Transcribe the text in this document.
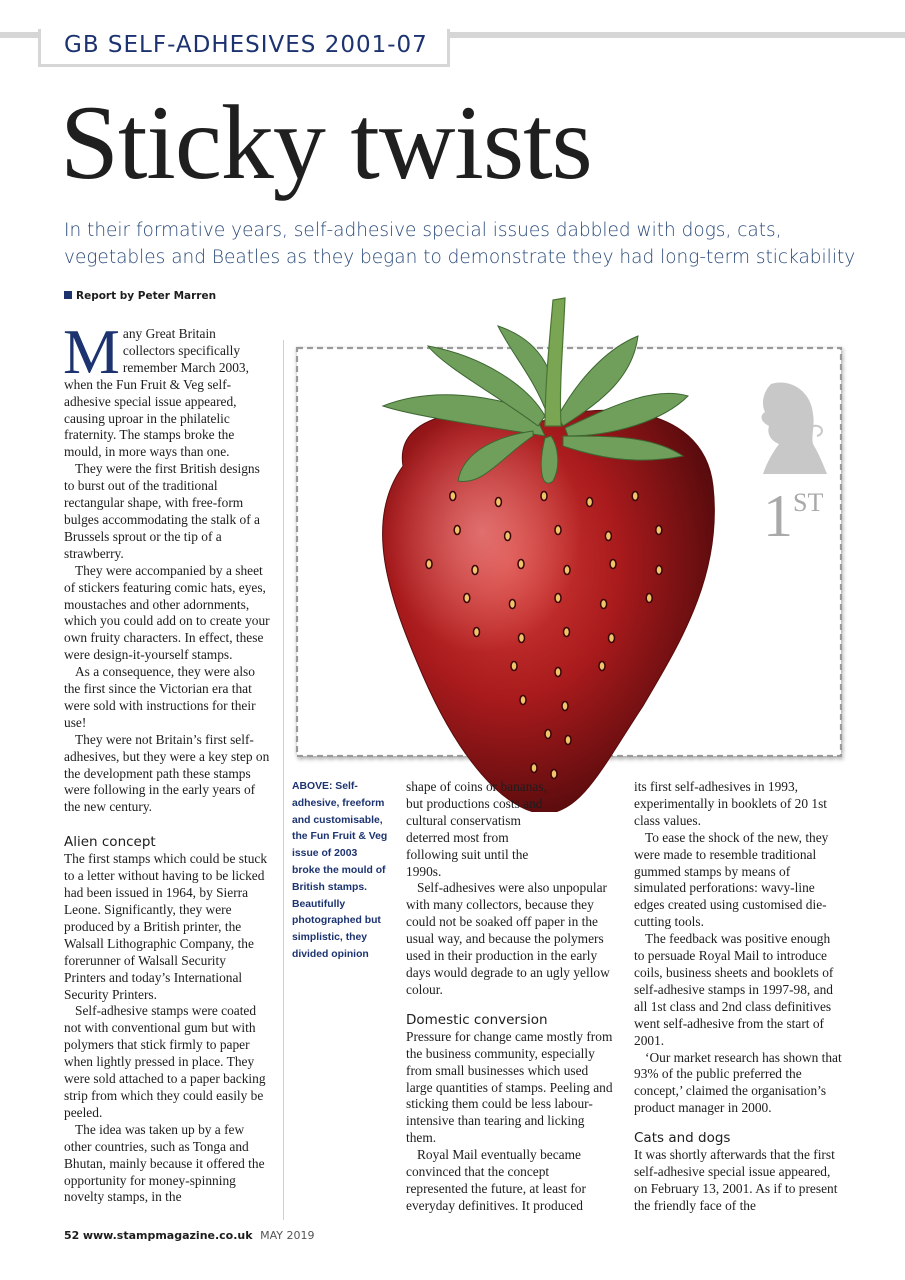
GB SELF-ADHESIVES 2001-07
Sticky twists

In their formative years, self-adhesive special issues dabbled with dogs, cats, vegetables and Beatles as they began to demonstrate they had long-term stickability

Report by Peter Marren
1ST

Many Great Britain collectors specifically remember March 2003, when the Fun Fruit & Veg self-adhesive special issue appeared, causing uproar in the philatelic fraternity. The stamps broke the mould, in more ways than one.

They were the first British designs to burst out of the traditional rectangular shape, with free-form bulges accommodating the stalk of a Brussels sprout or the tip of a strawberry.

They were accompanied by a sheet of stickers featuring comic hats, eyes, moustaches and other adornments, which you could add on to create your own fruity characters. In effect, these were design-it-yourself stamps.

As a consequence, they were also the first since the Victorian era that were sold with instructions for their use!

They were not Britain’s first self-adhesives, but they were a key step on the development path these stamps were following in the early years of the new century.

Alien concept

The first stamps which could be stuck to a letter without having to be licked had been issued in 1964, by Sierra Leone. Significantly, they were produced by a British printer, the Walsall Lithographic Company, the forerunner of Walsall Security Printers and today’s International Security Printers.

Self-adhesive stamps were coated not with conventional gum but with polymers that stick firmly to paper when lightly pressed in place. They were sold attached to a paper backing strip from which they could easily be peeled.

The idea was taken up by a few other countries, such as Tonga and Bhutan, mainly because it offered the opportunity for money-spinning novelty stamps, in the

ABOVE: Self-adhesive, freeform and customisable, the Fun Fruit & Veg issue of 2003 broke the mould of British stamps. Beautifully photographed but simplistic, they divided opinion

shape of coins or bananas, but productions costs and cultural conservatism deterred most from following suit until the 1990s.

Self-adhesives were also unpopular with many collectors, because they could not be soaked off paper in the usual way, and because the polymers used in their production in the early days would degrade to an ugly yellow colour.

Domestic conversion

Pressure for change came mostly from the business community, especially from small businesses which used large quantities of stamps. Peeling and sticking them could be less labour-intensive than tearing and licking them.

Royal Mail eventually became convinced that the concept represented the future, at least for everyday definitives. It produced

its first self-adhesives in 1993, experimentally in booklets of 20 1st class values.

To ease the shock of the new, they were made to resemble traditional gummed stamps by means of simulated perforations: wavy-line edges created using customised die-cutting tools.

The feedback was positive enough to persuade Royal Mail to introduce coils, business sheets and booklets of self-adhesive stamps in 1997-98, and all 1st class and 2nd class definitives went self-adhesive from the start of 2001.

‘Our market research has shown that 93% of the public preferred the concept,’ claimed the organisation’s product manager in 2000.

Cats and dogs

It was shortly afterwards that the first self-adhesive special issue appeared, on February 13, 2001. As if to present the friendly face of the

52 www.stampmagazine.co.uk MAY 2019
